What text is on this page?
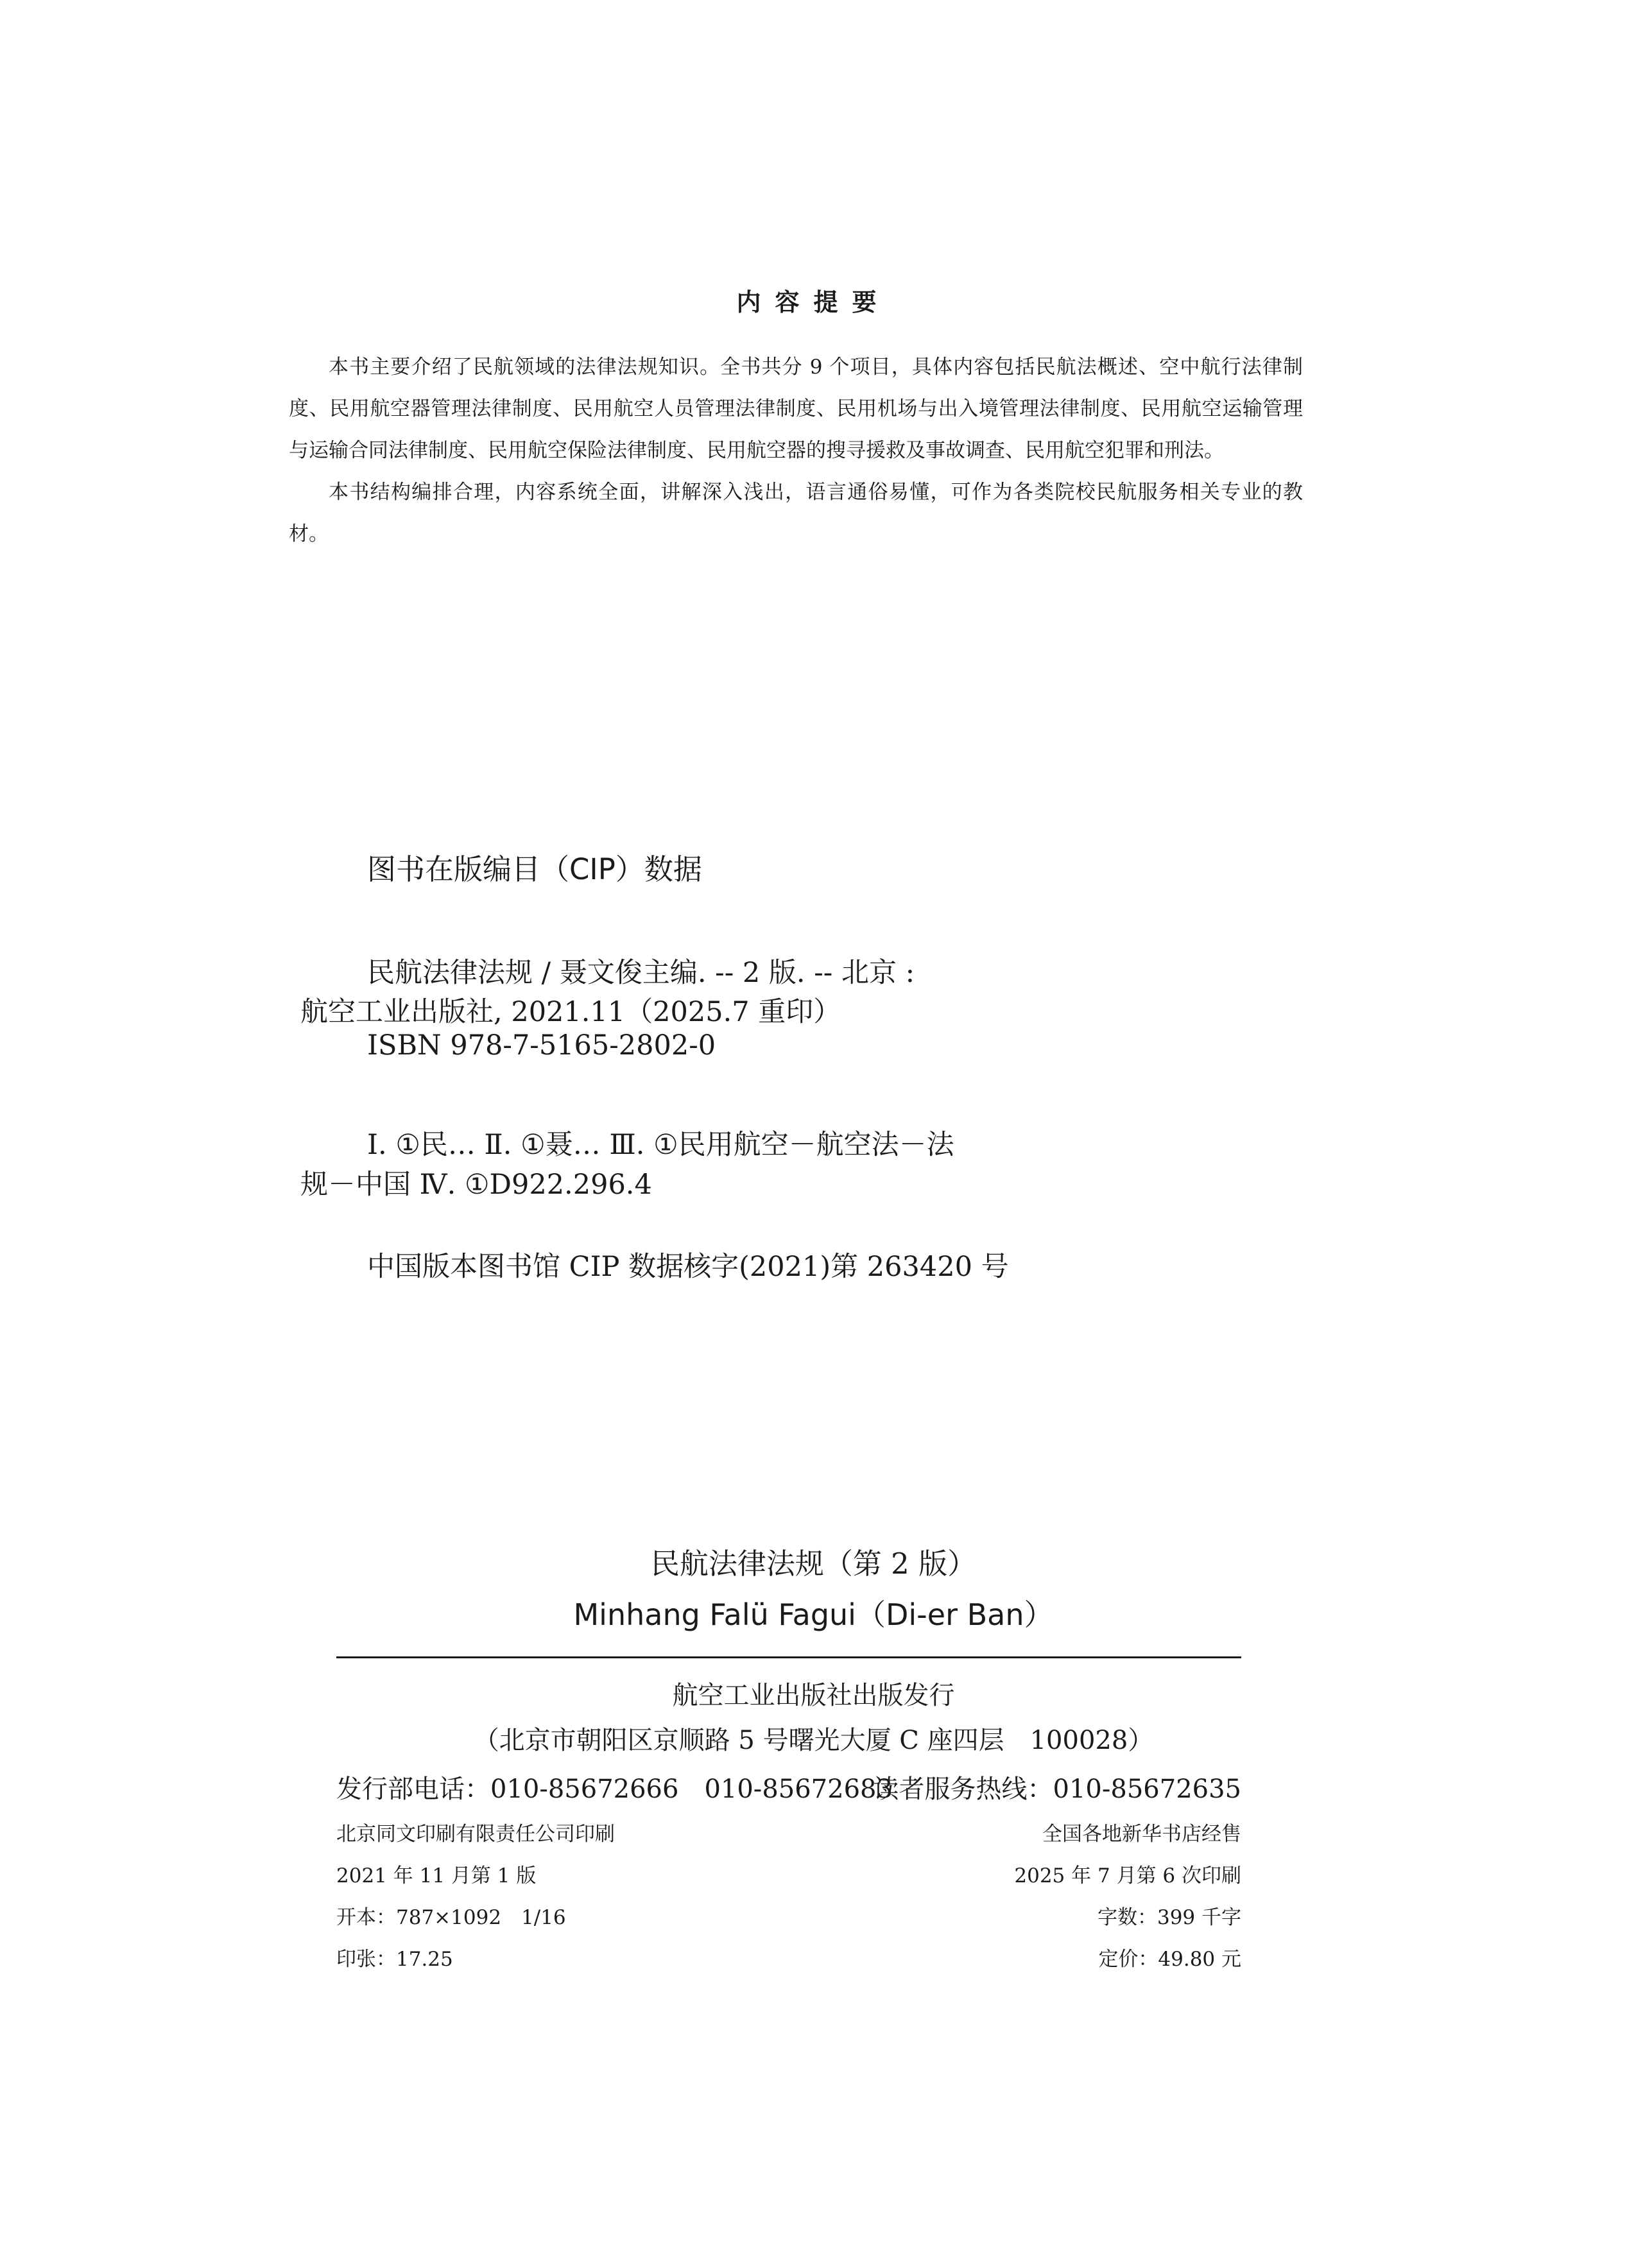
内容提要

本书主要介绍了民航领域的法律法规知识。全书共分 9 个项目，具体内容包括民航法概述、空中航行法律制度、民用航空器管理法律制度、民用航空人员管理法律制度、民用机场与出入境管理法律制度、民用航空运输管理与运输合同法律制度、民用航空保险法律制度、民用航空器的搜寻援救及事故调查、民用航空犯罪和刑法。

本书结构编排合理，内容系统全面，讲解深入浅出，语言通俗易懂，可作为各类院校民航服务相关专业的教材。

图书在版编目（CIP）数据
民航法律法规 / 聂文俊主编. -- 2 版. -- 北京 :
航空工业出版社, 2021.11（2025.7 重印）
ISBN 978-7-5165-2802-0
Ⅰ. ①民… Ⅱ. ①聂… Ⅲ. ①民用航空－航空法－法
规－中国 Ⅳ. ①D922.296.4
中国版本图书馆 CIP 数据核字(2021)第 263420 号
民航法律法规（第 2 版）
Minhang Falü Fagui（Di-er Ban）
航空工业出版社出版发行
（北京市朝阳区京顺路 5 号曙光大厦 C 座四层　100028）
发行部电话：010-85672666　010-85672683
读者服务热线：010-85672635
北京同文印刷有限责任公司印刷	全国各地新华书店经售
2021 年 11 月第 1 版	2025 年 7 月第 6 次印刷
开本：787×1092　1/16	字数：399 千字
印张：17.25	定价：49.80 元
